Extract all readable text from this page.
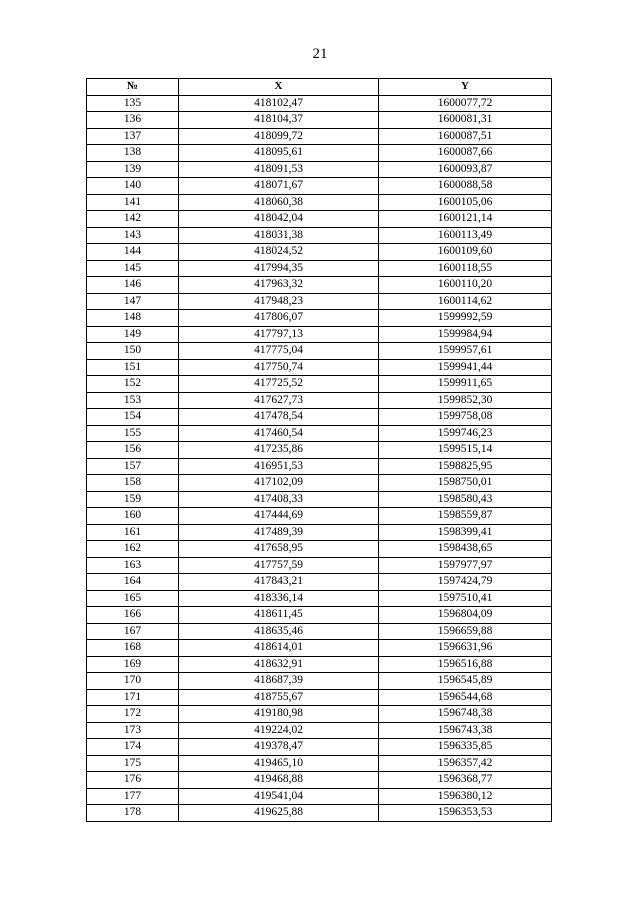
21
№	X	Y
135	418102,47	1600077,72
136	418104,37	1600081,31
137	418099,72	1600087,51
138	418095,61	1600087,66
139	418091,53	1600093,87
140	418071,67	1600088,58
141	418060,38	1600105,06
142	418042,04	1600121,14
143	418031,38	1600113,49
144	418024,52	1600109,60
145	417994,35	1600118,55
146	417963,32	1600110,20
147	417948,23	1600114,62
148	417806,07	1599992,59
149	417797,13	1599984,94
150	417775,04	1599957,61
151	417750,74	1599941,44
152	417725,52	1599911,65
153	417627,73	1599852,30
154	417478,54	1599758,08
155	417460,54	1599746,23
156	417235,86	1599515,14
157	416951,53	1598825,95
158	417102,09	1598750,01
159	417408,33	1598580,43
160	417444,69	1598559,87
161	417489,39	1598399,41
162	417658,95	1598438,65
163	417757,59	1597977,97
164	417843,21	1597424,79
165	418336,14	1597510,41
166	418611,45	1596804,09
167	418635,46	1596659,88
168	418614,01	1596631,96
169	418632,91	1596516,88
170	418687,39	1596545,89
171	418755,67	1596544,68
172	419180,98	1596748,38
173	419224,02	1596743,38
174	419378,47	1596335,85
175	419465,10	1596357,42
176	419468,88	1596368,77
177	419541,04	1596380,12
178	419625,88	1596353,53
